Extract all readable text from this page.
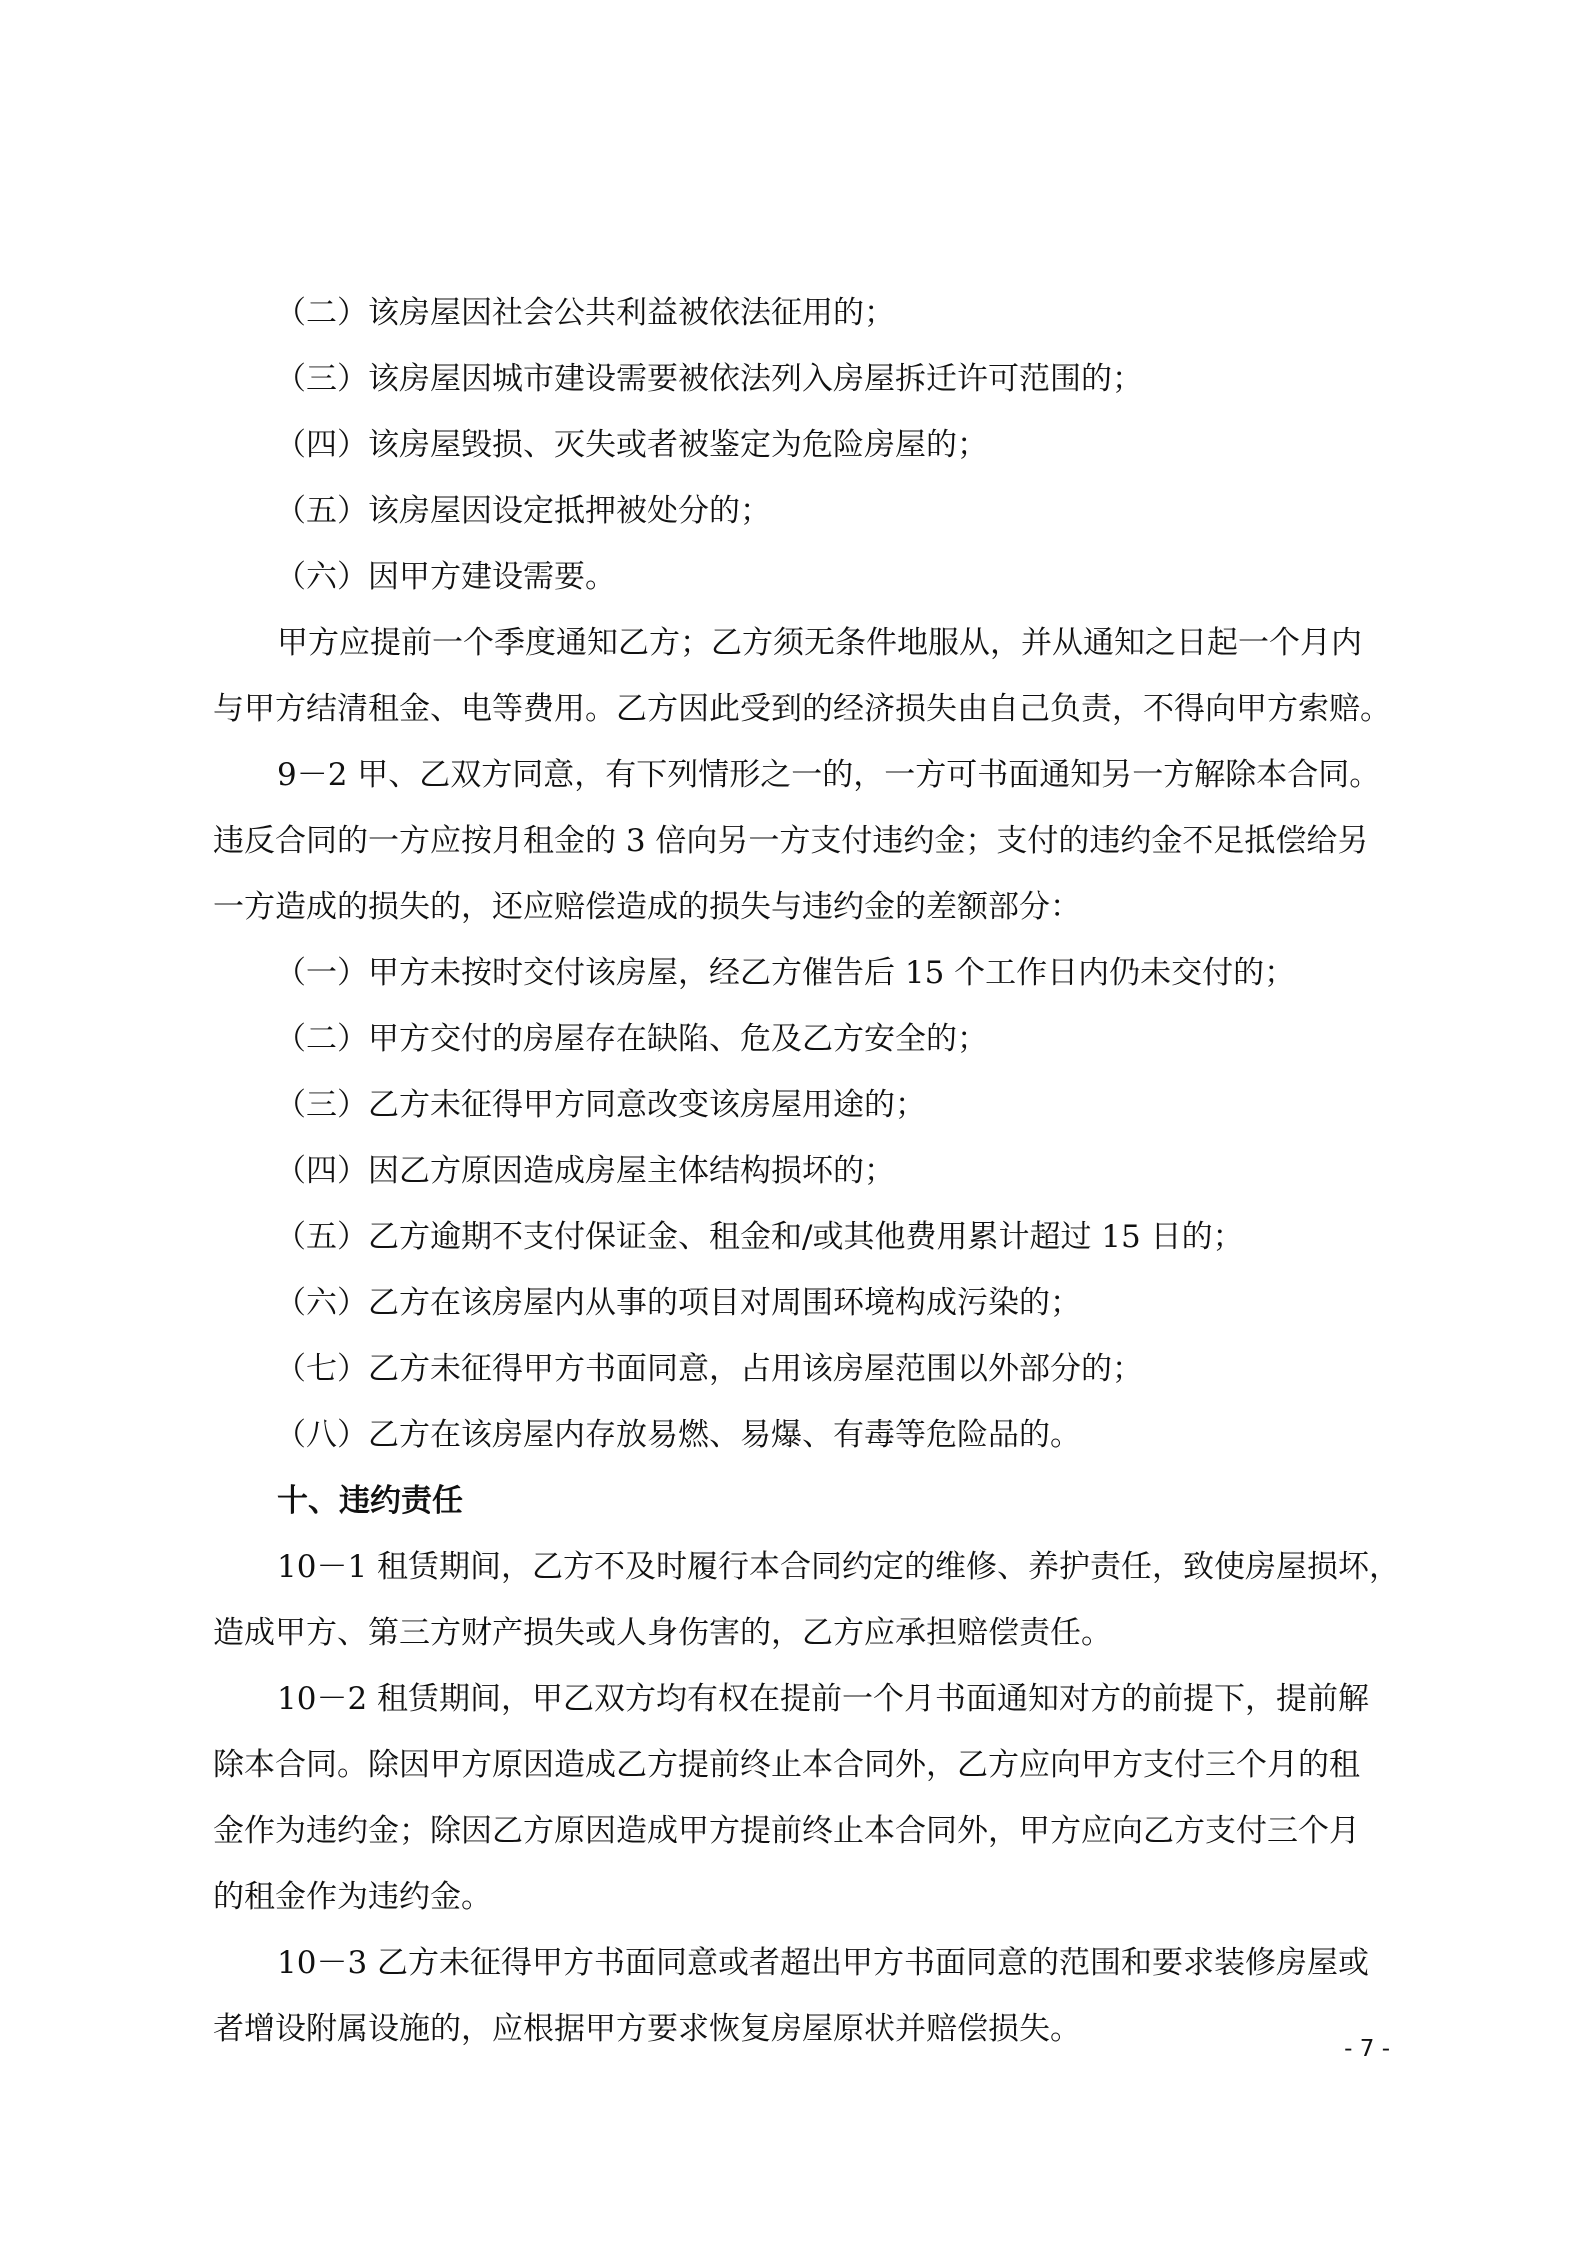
（二）该房屋因社会公共利益被依法征用的；
（三）该房屋因城市建设需要被依法列入房屋拆迁许可范围的；
（四）该房屋毁损、灭失或者被鉴定为危险房屋的；
（五）该房屋因设定抵押被处分的；
（六）因甲方建设需要。
甲方应提前一个季度通知乙方；乙方须无条件地服从，并从通知之日起一个月内
与甲方结清租金、电等费用。乙方因此受到的经济损失由自己负责，不得向甲方索赔。
9－2 甲、乙双方同意，有下列情形之一的，一方可书面通知另一方解除本合同。
违反合同的一方应按月租金的 3 倍向另一方支付违约金；支付的违约金不足抵偿给另
一方造成的损失的，还应赔偿造成的损失与违约金的差额部分：
（一）甲方未按时交付该房屋，经乙方催告后 15 个工作日内仍未交付的；
（二）甲方交付的房屋存在缺陷、危及乙方安全的；
（三）乙方未征得甲方同意改变该房屋用途的；
（四）因乙方原因造成房屋主体结构损坏的；
（五）乙方逾期不支付保证金、租金和/或其他费用累计超过 15 日的；
（六）乙方在该房屋内从事的项目对周围环境构成污染的；
（七）乙方未征得甲方书面同意，占用该房屋范围以外部分的；
（八）乙方在该房屋内存放易燃、易爆、有毒等危险品的。
十、违约责任
10－1 租赁期间，乙方不及时履行本合同约定的维修、养护责任，致使房屋损坏，
造成甲方、第三方财产损失或人身伤害的，乙方应承担赔偿责任。
10－2 租赁期间，甲乙双方均有权在提前一个月书面通知对方的前提下，提前解
除本合同。除因甲方原因造成乙方提前终止本合同外，乙方应向甲方支付三个月的租
金作为违约金；除因乙方原因造成甲方提前终止本合同外，甲方应向乙方支付三个月
的租金作为违约金。
10－3 乙方未征得甲方书面同意或者超出甲方书面同意的范围和要求装修房屋或
者增设附属设施的，应根据甲方要求恢复房屋原状并赔偿损失。
- 7 -
